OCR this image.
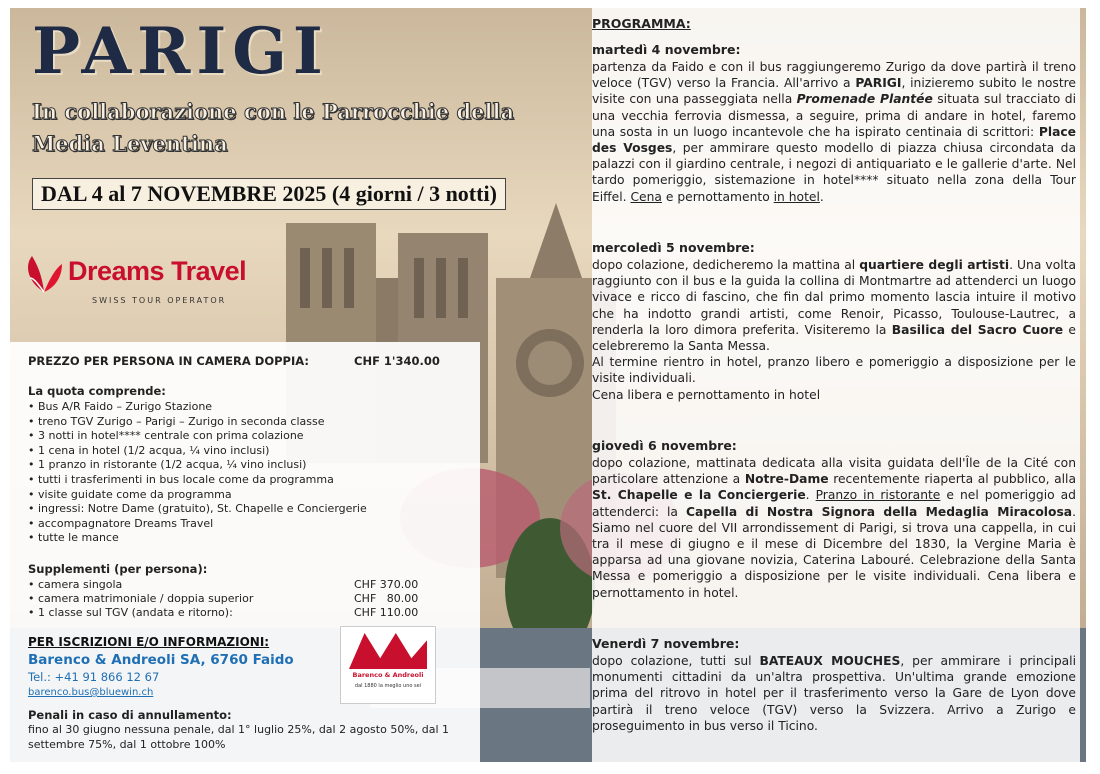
PARIGI
In collaborazione con le Parrocchie della Media Leventina
DAL 4 al 7 NOVEMBRE 2025 (4 giorni / 3 notti)
Dreams Travel
SWISS TOUR OPERATOR
PREZZO PER PERSONA IN CAMERA DOPPIA:	CHF 1'340.00
La quota comprende:
• Bus A/R Faido – Zurigo Stazione
• treno TGV Zurigo – Parigi – Zurigo in seconda classe
• 3 notti in hotel**** centrale con prima colazione
• 1 cena in hotel (1/2 acqua, ¼ vino inclusi)
• 1 pranzo in ristorante (1/2 acqua, ¼ vino inclusi)
• tutti i trasferimenti in bus locale come da programma
• visite guidate come da programma
• ingressi: Notre Dame (gratuito), St. Chapelle e Conciergerie
• accompagnatore Dreams Travel
• tutte le mance
Supplementi (per persona):
• camera singola	CHF 370.00
• camera matrimoniale / doppia superior	CHF   80.00
• 1 classe sul TGV (andata e ritorno):	CHF 110.00
PER ISCRIZIONI E/O INFORMAZIONI:
Barenco & Andreoli SA, 6760 Faido
Tel.: +41 91 866 12 67
barenco.bus@bluewin.ch
Barenco & Andreoli
dal 1880 la meglio uno sei
Penali in caso di annullamento:
fino al 30 giugno nessuna penale, dal 1° luglio 25%, dal 2 agosto 50%, dal 1 settembre 75%, dal 1 ottobre 100%
PROGRAMMA:
martedì 4 novembre:

partenza da Faido e con il bus raggiungeremo Zurigo da dove partirà il treno veloce (TGV) verso la Francia. All'arrivo a PARIGI, inizieremo subito le nostre visite con una passeggiata nella Promenade Plantée situata sul tracciato di una vecchia ferrovia dismessa, a seguire, prima di andare in hotel, faremo una sosta in un luogo incantevole che ha ispirato centinaia di scrittori: Place des Vosges, per ammirare questo modello di piazza chiusa circondata da palazzi con il giardino centrale, i negozi di antiquariato e le gallerie d'arte. Nel tardo pomeriggio, sistemazione in hotel**** situato nella zona della Tour Eiffel. Cena e pernottamento in hotel.

mercoledì 5 novembre:

dopo colazione, dedicheremo la mattina al quartiere degli artisti. Una volta raggiunto con il bus e la guida la collina di Montmartre ad attenderci un luogo vivace e ricco di fascino, che fin dal primo momento lascia intuire il motivo che ha indotto grandi artisti, come Renoir, Picasso, Toulouse-Lautrec, a renderla la loro dimora preferita. Visiteremo la Basilica del Sacro Cuore e celebreremo la Santa Messa.

Al termine rientro in hotel, pranzo libero e pomeriggio a disposizione per le visite individuali.

Cena libera e pernottamento in hotel

giovedì 6 novembre:

dopo colazione, mattinata dedicata alla visita guidata dell'Île de la Cité con particolare attenzione a Notre-Dame recentemente riaperta al pubblico, alla St. Chapelle e la Conciergerie. Pranzo in ristorante e nel pomeriggio ad attenderci: la Capella di Nostra Signora della Medaglia Miracolosa. Siamo nel cuore del VII arrondissement di Parigi, si trova una cappella, in cui tra il mese di giugno e il mese di Dicembre del 1830, la Vergine Maria è apparsa ad una giovane novizia, Caterina Labouré. Celebrazione della Santa Messa e pomeriggio a disposizione per le visite individuali. Cena libera e pernottamento in hotel.

Venerdì 7 novembre:

dopo colazione, tutti sul BATEAUX MOUCHES, per ammirare i principali monumenti cittadini da un'altra prospettiva. Un'ultima grande emozione prima del ritrovo in hotel per il trasferimento verso la Gare de Lyon dove partirà il treno veloce (TGV) verso la Svizzera. Arrivo a Zurigo e proseguimento in bus verso il Ticino.
